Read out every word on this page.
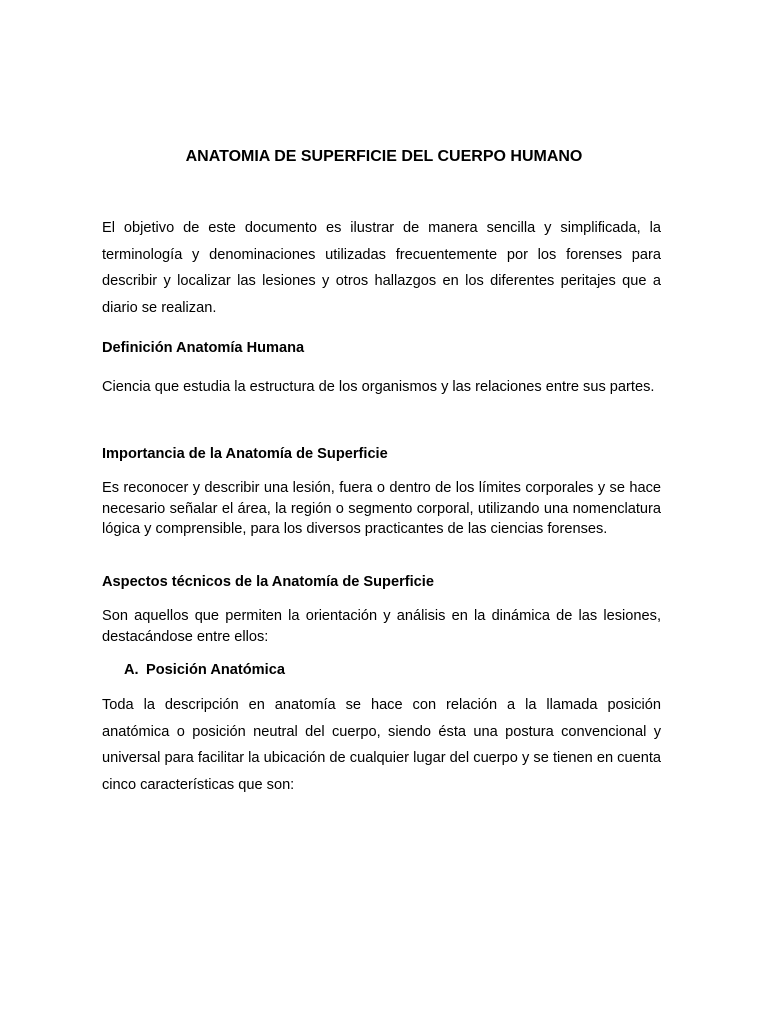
ANATOMIA DE SUPERFICIE DEL CUERPO HUMANO

El objetivo de este documento es ilustrar de manera sencilla y simplificada, la terminología y denominaciones utilizadas frecuentemente por los forenses para describir y localizar las lesiones y otros hallazgos en los diferentes peritajes que a diario se realizan.

Definición Anatomía Humana

Ciencia que estudia la estructura de los organismos y las relaciones entre sus partes.

Importancia de la Anatomía de Superficie

Es reconocer y describir una lesión, fuera o dentro de los límites corporales y se hace necesario señalar el área, la región o segmento corporal, utilizando una nomenclatura lógica y comprensible, para los diversos practicantes de las ciencias forenses.

Aspectos técnicos de la Anatomía de Superficie

Son aquellos que permiten la orientación y análisis en la dinámica de las lesiones, destacándose entre ellos:

A. Posición Anatómica

Toda la descripción en anatomía se hace con relación a la llamada posición anatómica o posición neutral del cuerpo, siendo ésta una postura convencional y universal para facilitar la ubicación de cualquier lugar del cuerpo y se tienen en cuenta cinco características que son:
